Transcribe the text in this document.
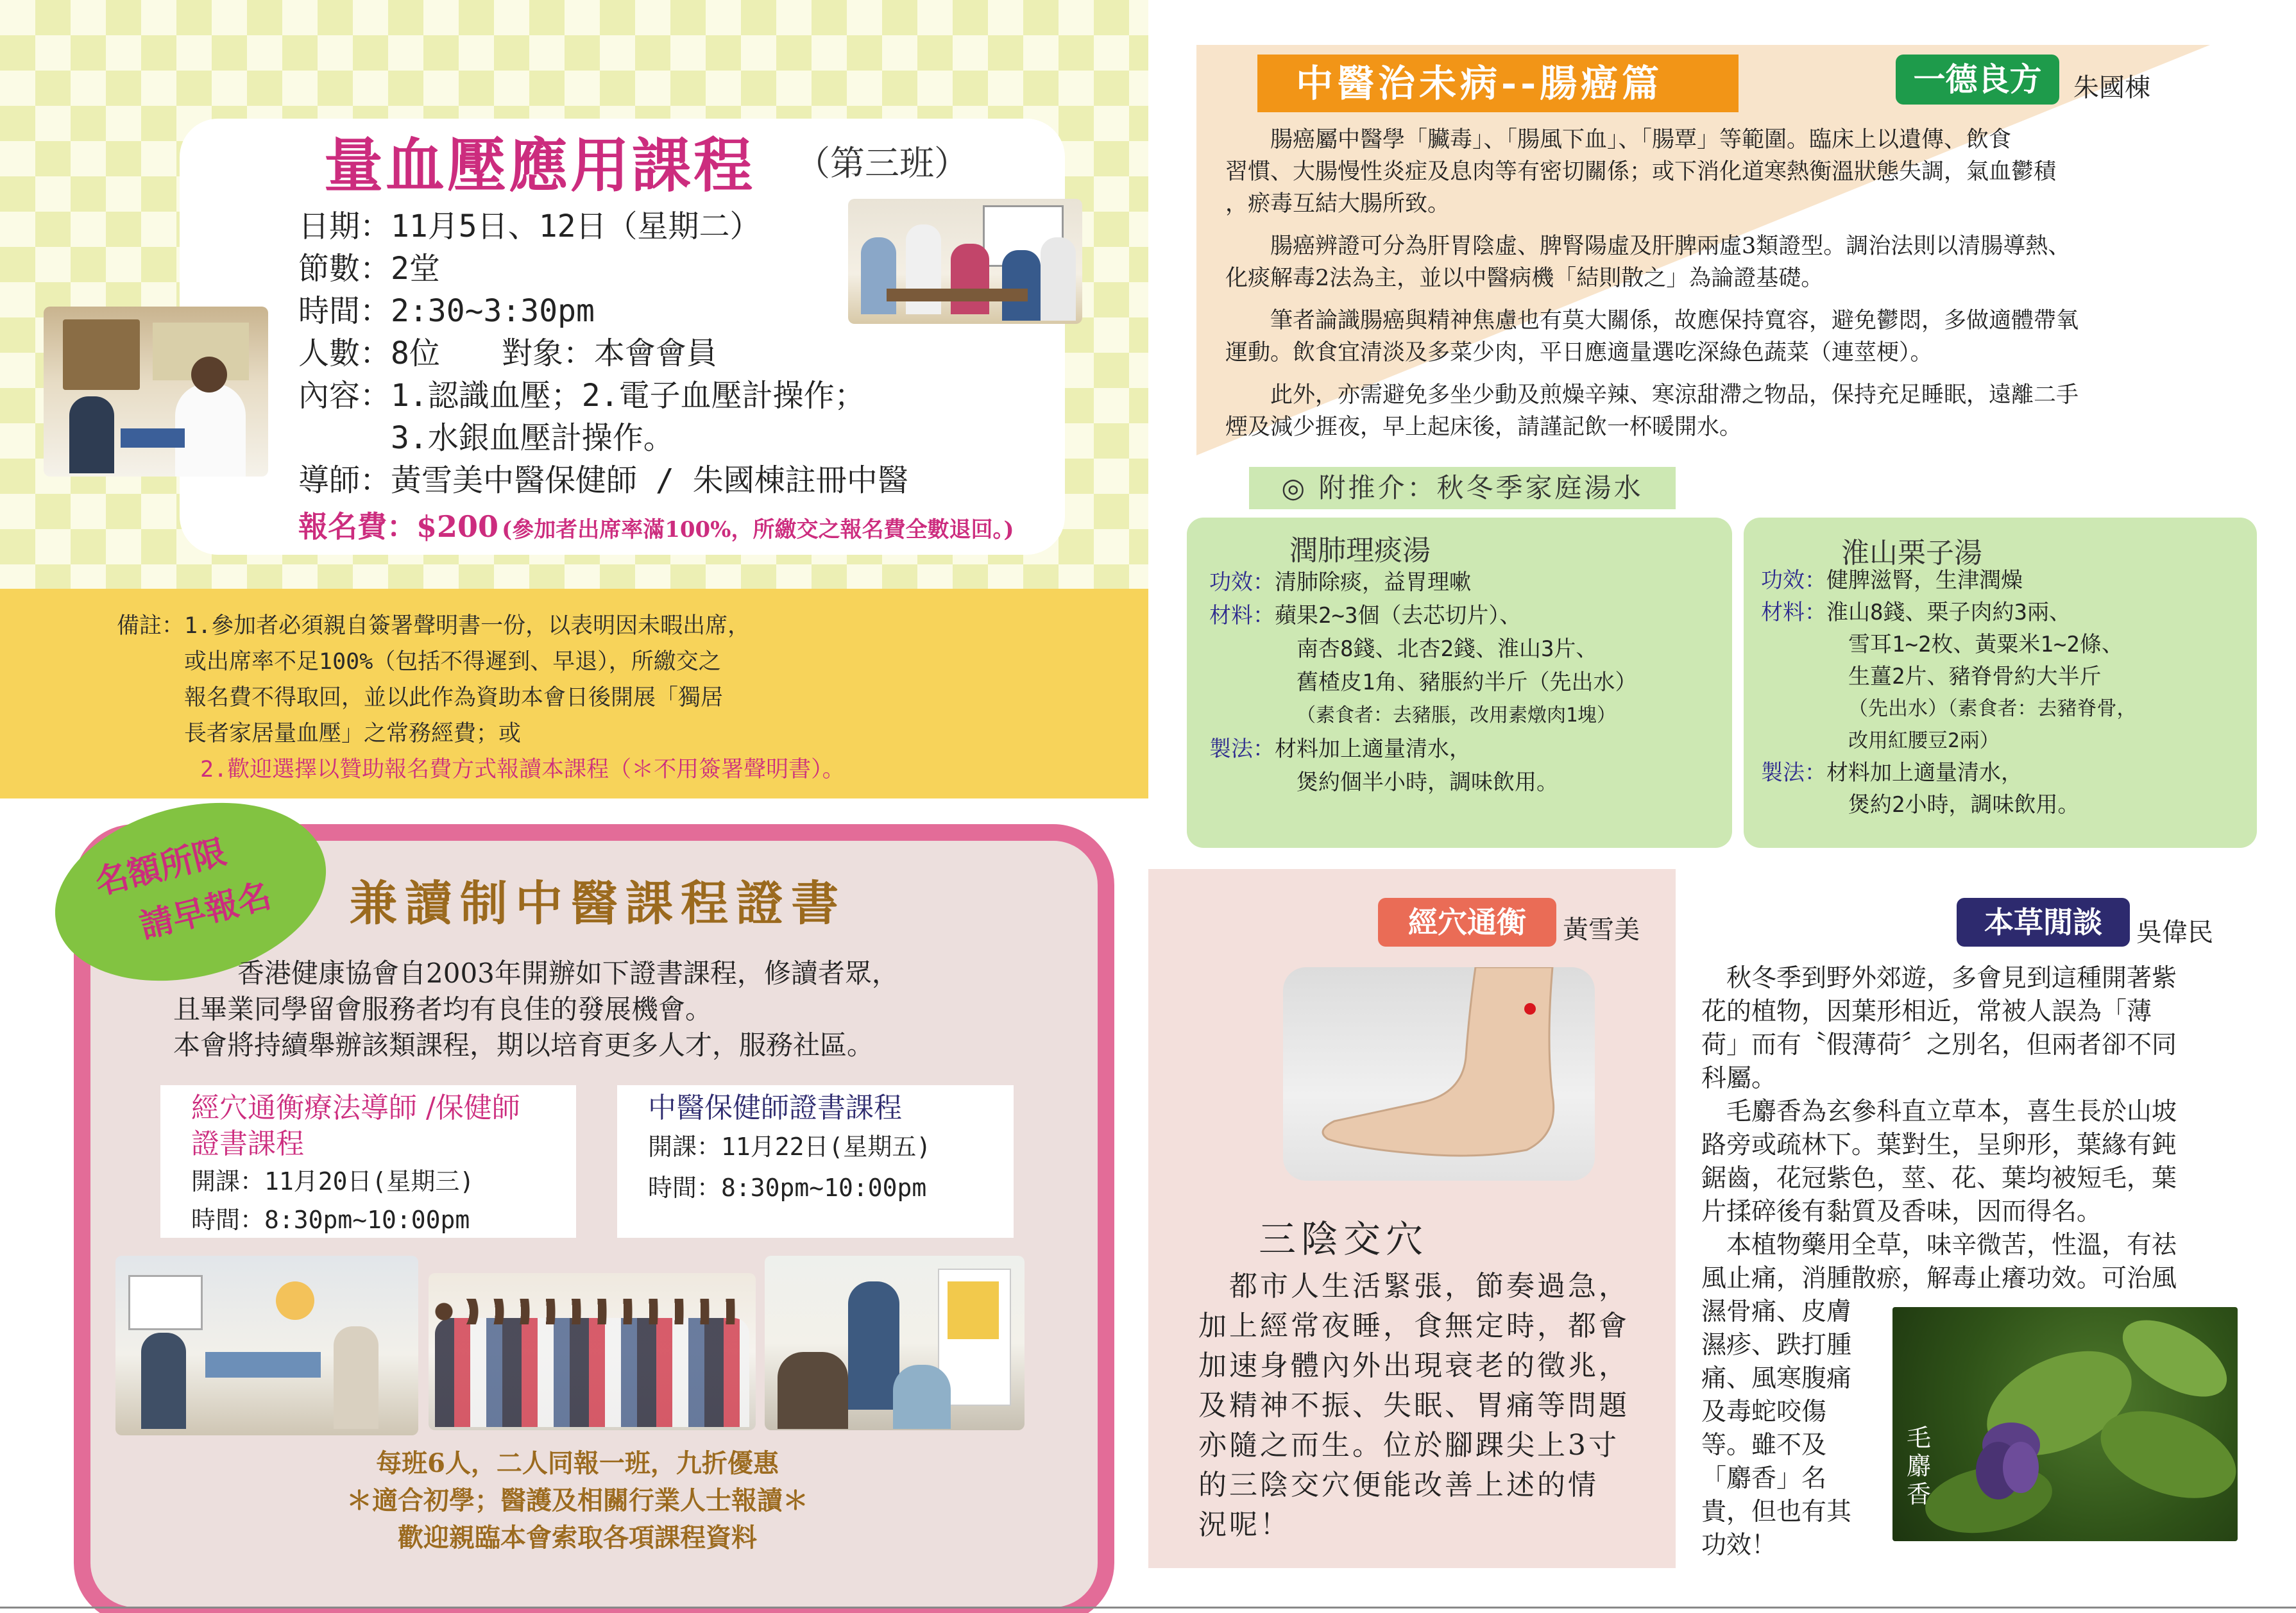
量血壓應用課程 （第三班）
日期：11月5日、12日（星期二）
節數：2堂
時間：2:30~3:30pm
人數：8位　　對象：本會會員
內容：1.認識血壓；2.電子血壓計操作；
　　　3.水銀血壓計操作。
導師：黃雪美中醫保健師 / 朱國棟註冊中醫
報名費：$200 (參加者出席率滿100%，所繳交之報名費全數退回。)
備註：1.參加者必須親自簽署聲明書一份，以表明因未暇出席，
　　　或出席率不足100%（包括不得遲到、早退），所繳交之
　　　報名費不得取回，並以此作為資助本會日後開展「獨居
　　　長者家居量血壓」之常務經費；或
2.歡迎選擇以贊助報名費方式報讀本課程（＊不用簽署聲明書）。
名額所限
請早報名 兼讀制中醫課程證書
香港健康協會自2003年開辦如下證書課程，修讀者眾，
且畢業同學留會服務者均有良佳的發展機會。
本會將持續舉辦該類課程，期以培育更多人才，服務社區。
經穴通衡療法導師 /保健師
證書課程
開課：11月20日(星期三)
時間：8:30pm~10:00pm
中醫保健師證書課程
開課：11月22日(星期五)
時間：8:30pm~10:00pm
每班6人，二人同報一班，九折優惠
＊適合初學；醫護及相關行業人士報讀＊
歡迎親臨本會索取各項課程資料
中醫治未病--腸癌篇	一德良方	朱國棟
　　腸癌屬中醫學「臟毒」、「腸風下血」、「腸覃」等範圍。臨床上以遺傳、飲食
習慣、大腸慢性炎症及息肉等有密切關係；或下消化道寒熱衡溫狀態失調，氣血鬱積
，瘀毒互結大腸所致。
　　腸癌辨證可分為肝胃陰虛、脾腎陽虛及肝脾兩虛3類證型。調治法則以清腸導熱、
化痰解毒2法為主，並以中醫病機「結則散之」為論證基礎。
　　筆者論識腸癌與精神焦慮也有莫大關係，故應保持寬容，避免鬱悶，多做適體帶氧
運動。飲食宜清淡及多菜少肉，平日應適量選吃深綠色蔬菜（連莖梗）。
　　此外，亦需避免多坐少動及煎燥辛辣、寒涼甜滯之物品，保持充足睡眠，遠離二手
煙及減少捱夜，早上起床後，請謹記飲一杯暖開水。
◎ 附推介：秋冬季家庭湯水
潤肺理痰湯
功效：清肺除痰，益胃理嗽
材料：蘋果2~3個（去芯切片）、
南杏8錢、北杏2錢、淮山3片、
舊楂皮1角、豬脹約半斤（先出水）
（素食者：去豬脹，改用素燉肉1塊）
製法：材料加上適量清水，
煲約個半小時，調味飲用。
淮山栗子湯
功效：健脾滋腎，生津潤燥
材料：淮山8錢、栗子肉約3兩、
雪耳1~2枚、黃粟米1~2條、
生薑2片、豬脊骨約大半斤
（先出水）（素食者：去豬脊骨，
改用紅腰豆2兩）
製法：材料加上適量清水，
煲約2小時，調味飲用。
經穴通衡	黃雪美
三陰交穴
都市人生活緊張，節奏過急，
加上經常夜睡，食無定時，都會
加速身體內外出現衰老的徵兆，
及精神不振、失眠、胃痛等問題
亦隨之而生。位於腳踝尖上3寸
的三陰交穴便能改善上述的情
況呢！
本草閒談	吳偉民
　秋冬季到野外郊遊，多會見到這種開著紫
花的植物，因葉形相近，常被人誤為「薄
荷」而有〝假薄荷〞之別名，但兩者卻不同
科屬。
　毛麝香為玄參科直立草本，喜生長於山坡
路旁或疏林下。葉對生，呈卵形，葉緣有鈍
鋸齒，花冠紫色，莖、花、葉均被短毛，葉
片揉碎後有黏質及香味，因而得名。
　本植物藥用全草，味辛微苦，性溫，有祛
風止痛，消腫散瘀，解毒止癢功效。可治風
濕骨痛、皮膚
濕疹、跌打腫
痛、風寒腹痛
及毒蛇咬傷
等。雖不及
「麝香」名
貴，但也有其
功效！
毛麝香
